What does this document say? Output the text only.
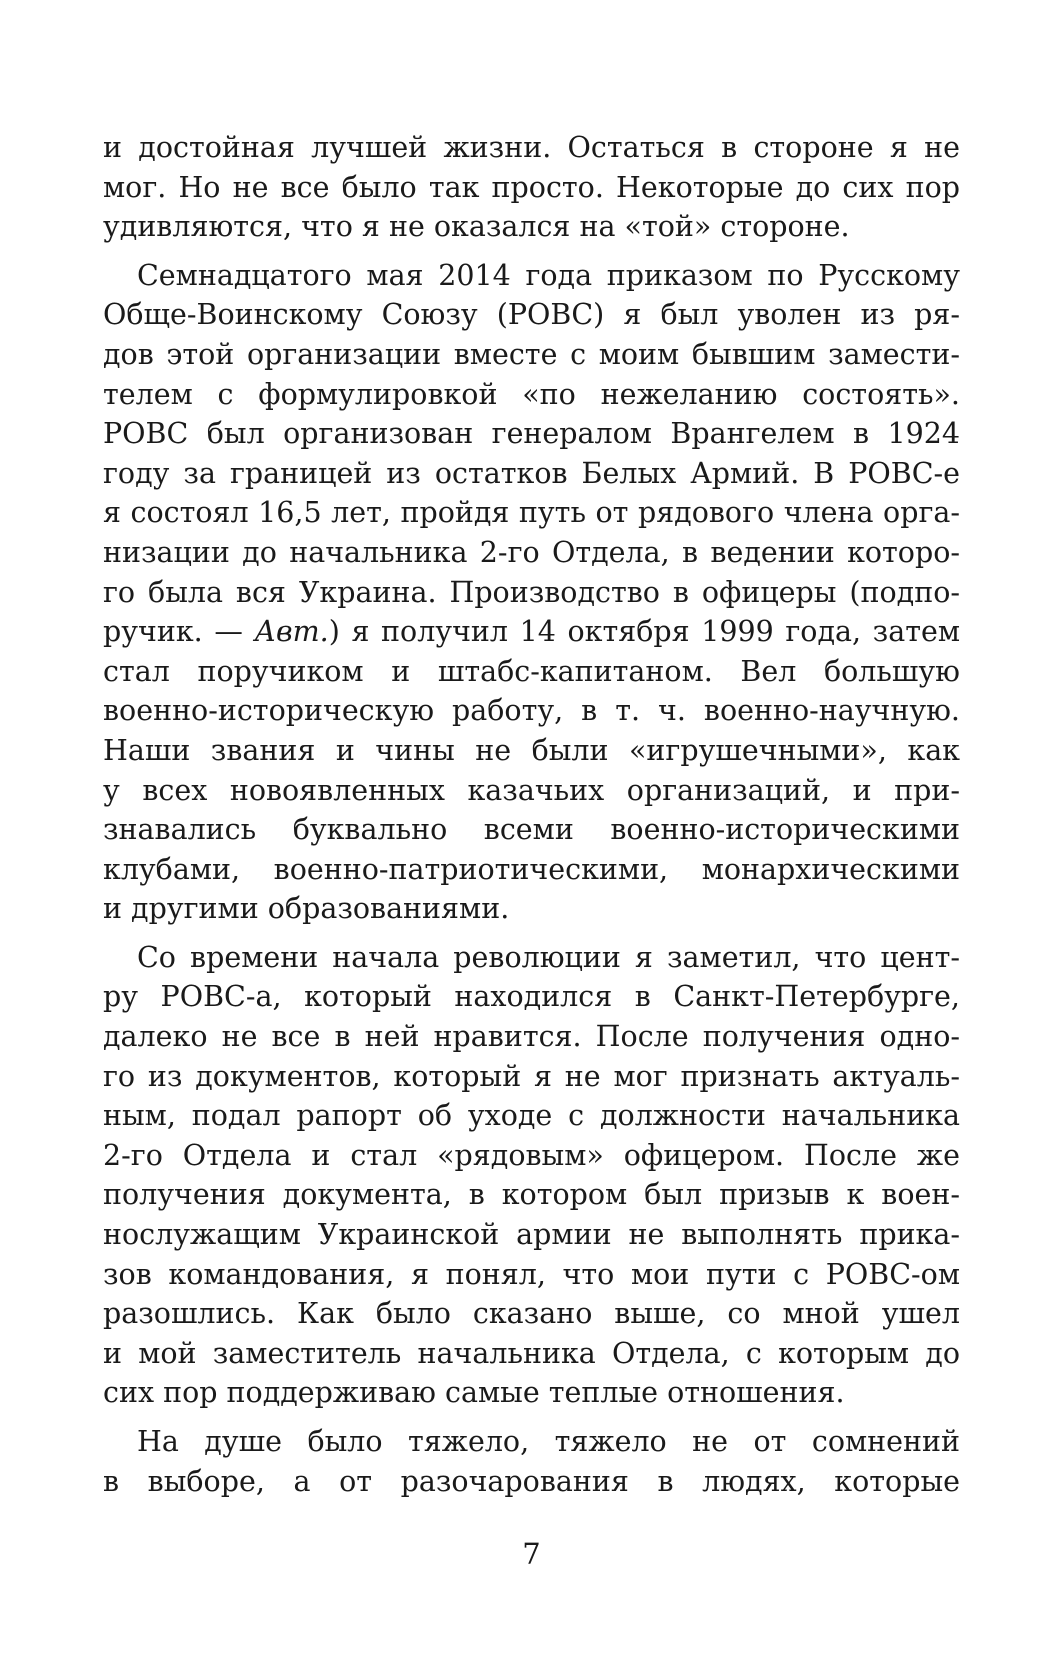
и достойная лучшей жизни. Остаться в стороне я не
мог. Но не все было так просто. Некоторые до сих пор
удивляются, что я не оказался на «той» стороне.
Семнадцатого мая 2014 года приказом по Русскому
Обще-Воинскому Союзу (РОВС) я был уволен из ря-
дов этой организации вместе с моим бывшим замести-
телем с формулировкой «по нежеланию состоять».
РОВС был организован генералом Врангелем в 1924
году за границей из остатков Белых Армий. В РОВС-е
я состоял 16,5 лет, пройдя путь от рядового члена орга-
низации до начальника 2-го Отдела, в ведении которо-
го была вся Украина. Производство в офицеры (подпо-
ручик. — Авт.) я получил 14 октября 1999 года, затем
стал поручиком и штабс-капитаном. Вел большую
военно-историческую работу, в т. ч. военно-научную.
Наши звания и чины не были «игрушечными», как
у всех новоявленных казачьих организаций, и при-
знавались буквально всеми военно-историческими
клубами, военно-патриотическими, монархическими
и другими образованиями.
Со времени начала революции я заметил, что цент-
ру РОВС-а, который находился в Санкт-Петербурге,
далеко не все в ней нравится. После получения одно-
го из документов, который я не мог признать актуаль-
ным, подал рапорт об уходе с должности начальника
2-го Отдела и стал «рядовым» офицером. После же
получения документа, в котором был призыв к воен-
нослужащим Украинской армии не выполнять прика-
зов командования, я понял, что мои пути с РОВС-ом
разошлись. Как было сказано выше, со мной ушел
и мой заместитель начальника Отдела, с которым до
сих пор поддерживаю самые теплые отношения.
На душе было тяжело, тяжело не от сомнений
в выборе, а от разочарования в людях, которые
7
